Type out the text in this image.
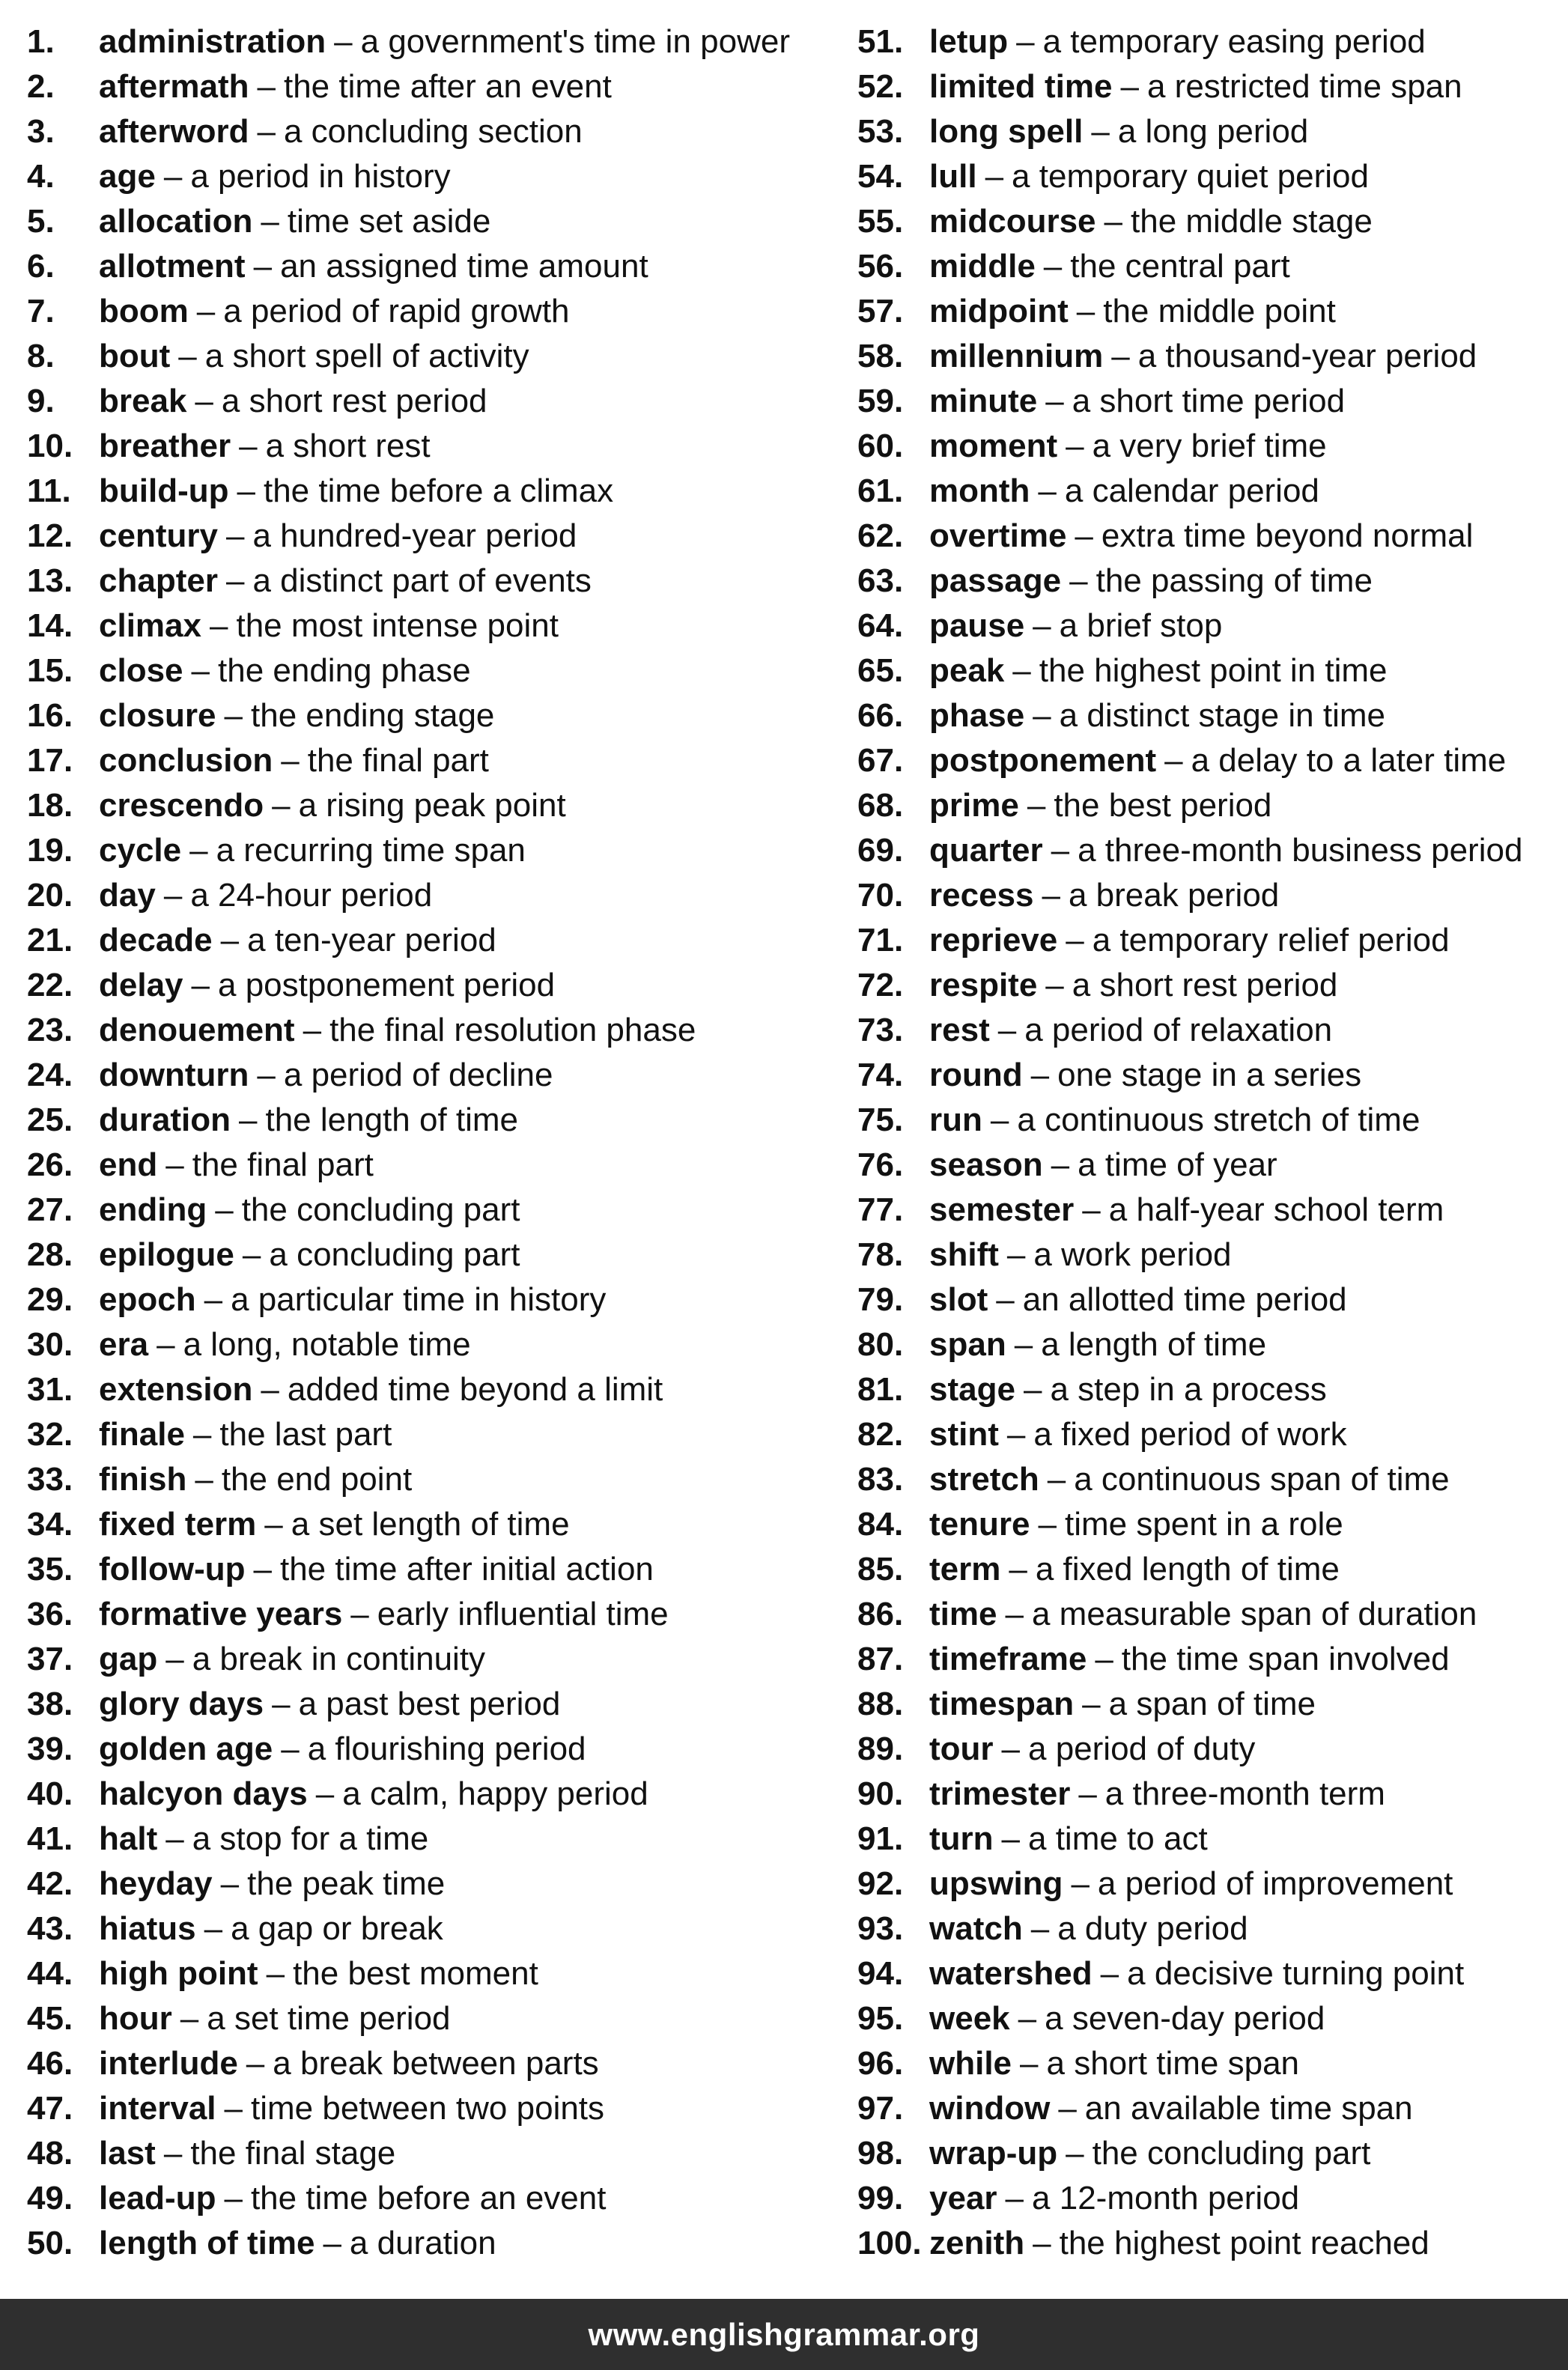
1.	administration – a government's time in power
2.	aftermath – the time after an event
3.	afterword – a concluding section
4.	age – a period in history
5.	allocation – time set aside
6.	allotment – an assigned time amount
7.	boom – a period of rapid growth
8.	bout – a short spell of activity
9.	break – a short rest period
10. breather – a short rest
11. build-up – the time before a climax
12. century – a hundred-year period
13. chapter – a distinct part of events
14. climax – the most intense point
15. close – the ending phase
16. closure – the ending stage
17. conclusion – the final part
18. crescendo – a rising peak point
19. cycle – a recurring time span
20. day – a 24-hour period
21. decade – a ten-year period
22. delay – a postponement period
23. denouement – the final resolution phase
24. downturn – a period of decline
25. duration – the length of time
26. end – the final part
27. ending – the concluding part
28. epilogue – a concluding part
29. epoch – a particular time in history
30. era – a long, notable time
31. extension – added time beyond a limit
32. finale – the last part
33. finish – the end point
34. fixed term – a set length of time
35. follow-up – the time after initial action
36. formative years – early influential time
37. gap – a break in continuity
38. glory days – a past best period
39. golden age – a flourishing period
40. halcyon days – a calm, happy period
41. halt – a stop for a time
42. heyday – the peak time
43. hiatus – a gap or break
44. high point – the best moment
45. hour – a set time period
46. interlude – a break between parts
47. interval – time between two points
48. last – the final stage
49. lead-up – the time before an event
50. length of time – a duration
51. letup – a temporary easing period
52. limited time – a restricted time span
53. long spell – a long period
54. lull – a temporary quiet period
55. midcourse – the middle stage
56. middle – the central part
57. midpoint – the middle point
58. millennium – a thousand-year period
59. minute – a short time period
60. moment – a very brief time
61. month – a calendar period
62. overtime – extra time beyond normal
63. passage – the passing of time
64. pause – a brief stop
65. peak – the highest point in time
66. phase – a distinct stage in time
67. postponement – a delay to a later time
68. prime – the best period
69. quarter – a three-month business period
70. recess – a break period
71. reprieve – a temporary relief period
72. respite – a short rest period
73. rest – a period of relaxation
74. round – one stage in a series
75. run – a continuous stretch of time
76. season – a time of year
77. semester – a half-year school term
78. shift – a work period
79. slot – an allotted time period
80. span – a length of time
81. stage – a step in a process
82. stint – a fixed period of work
83. stretch – a continuous span of time
84. tenure – time spent in a role
85. term – a fixed length of time
86. time – a measurable span of duration
87. timeframe – the time span involved
88. timespan – a span of time
89. tour – a period of duty
90. trimester – a three-month term
91. turn – a time to act
92. upswing – a period of improvement
93. watch – a duty period
94. watershed – a decisive turning point
95. week – a seven-day period
96. while – a short time span
97. window – an available time span
98. wrap-up – the concluding part
99. year – a 12-month period
100. zenith – the highest point reached
www.englishgrammar.org
